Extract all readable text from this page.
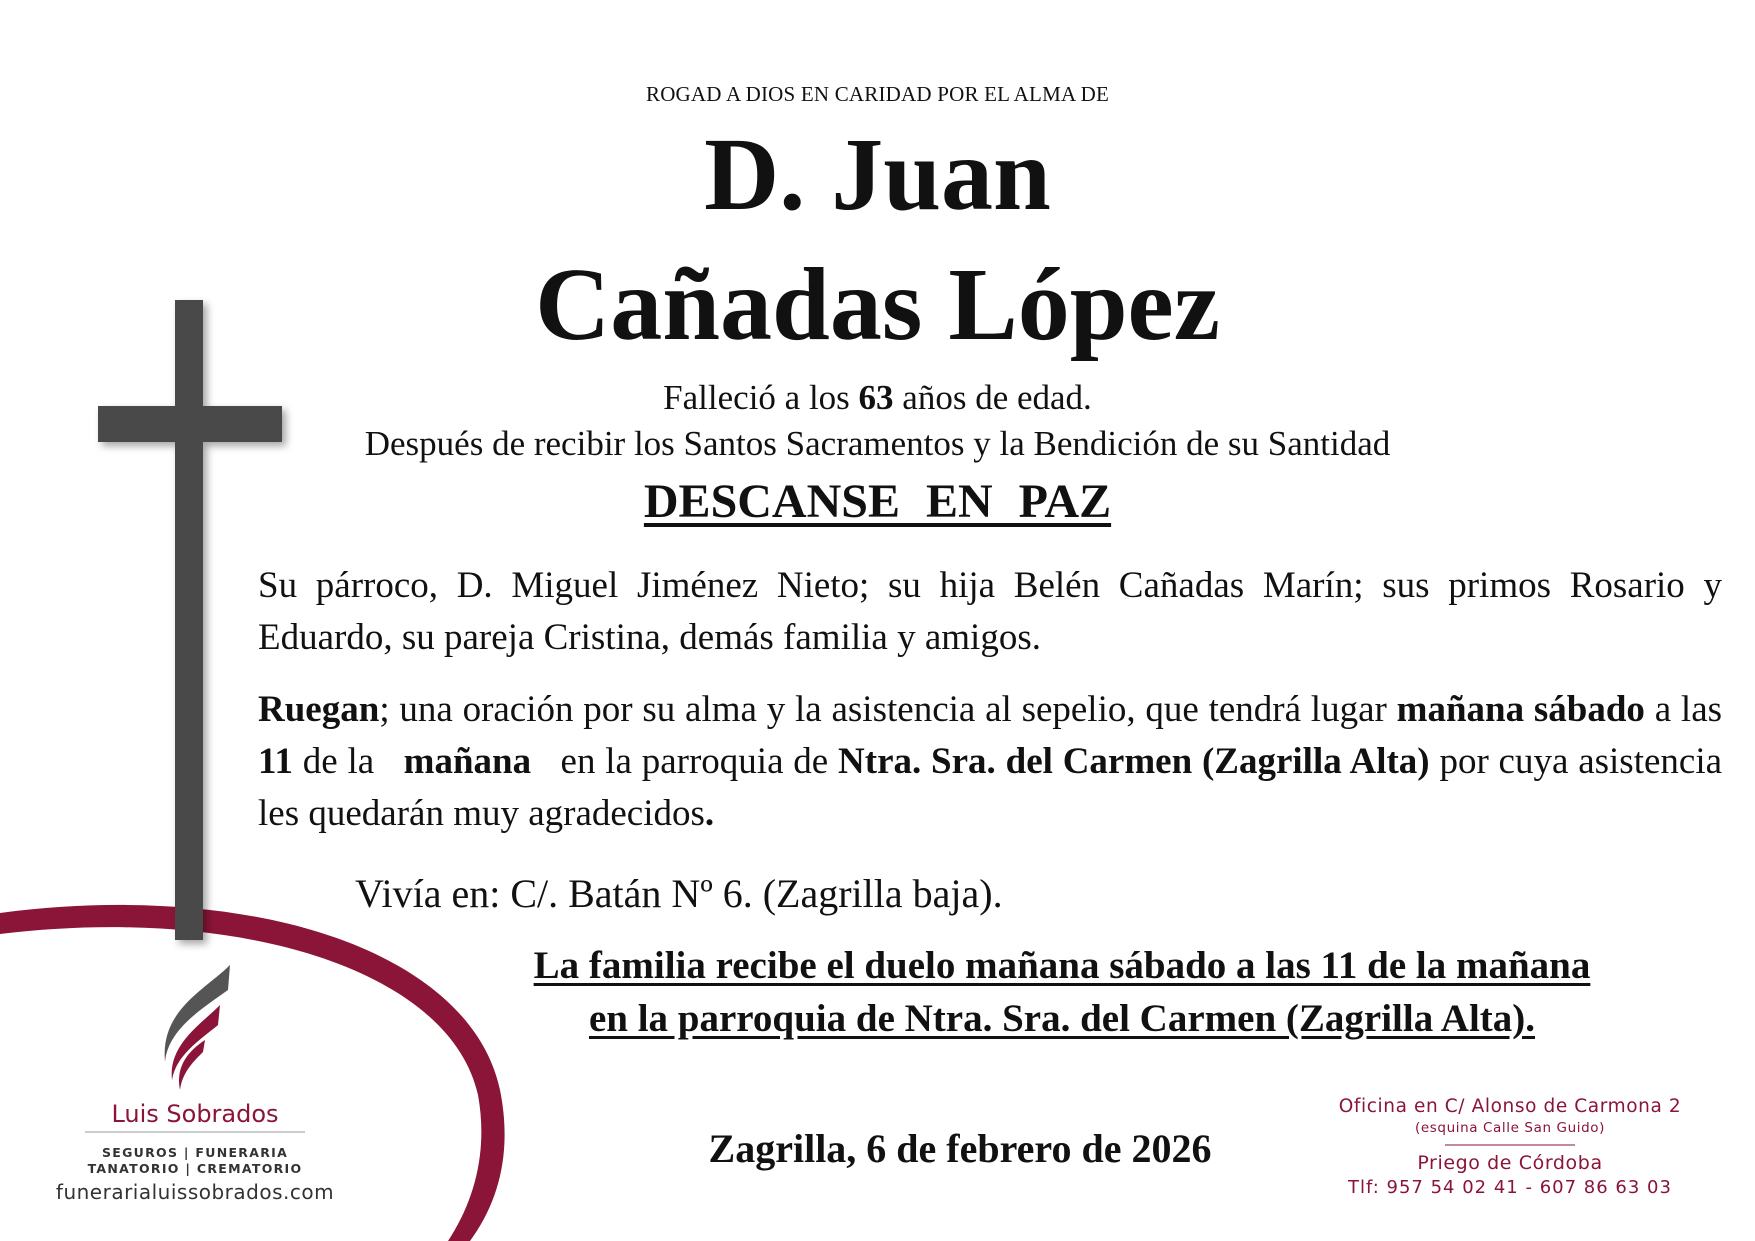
ROGAD A DIOS EN CARIDAD POR EL ALMA DE
D. Juan
Cañadas López
Falleció a los 63 años de edad.
Después de recibir los Santos Sacramentos y la Bendición de su Santidad
DESCANSE EN PAZ
Su párroco, D. Miguel Jiménez Nieto; su hija Belén Cañadas Marín; sus primos Rosario y Eduardo, su pareja Cristina, demás familia y amigos.
Ruegan; una oración por su alma y la asistencia al sepelio, que tendrá lugar mañana sábado a las 11 de la mañana en la parroquia de Ntra. Sra. del Carmen (Zagrilla Alta) por cuya asistencia les quedarán muy agradecidos.
Vivía en: C/. Batán Nº 6. (Zagrilla baja).
La familia recibe el duelo mañana sábado a las 11 de la mañana
en la parroquia de Ntra. Sra. del Carmen (Zagrilla Alta).
Zagrilla, 6 de febrero de 2026
Luis Sobrados
SEGUROS | FUNERARIA
TANATORIO | CREMATORIO
funerarialuissobrados.com
Oficina en C/ Alonso de Carmona 2
(esquina Calle San Guido)
Priego de Córdoba
Tlf: 957 54 02 41 - 607 86 63 03
